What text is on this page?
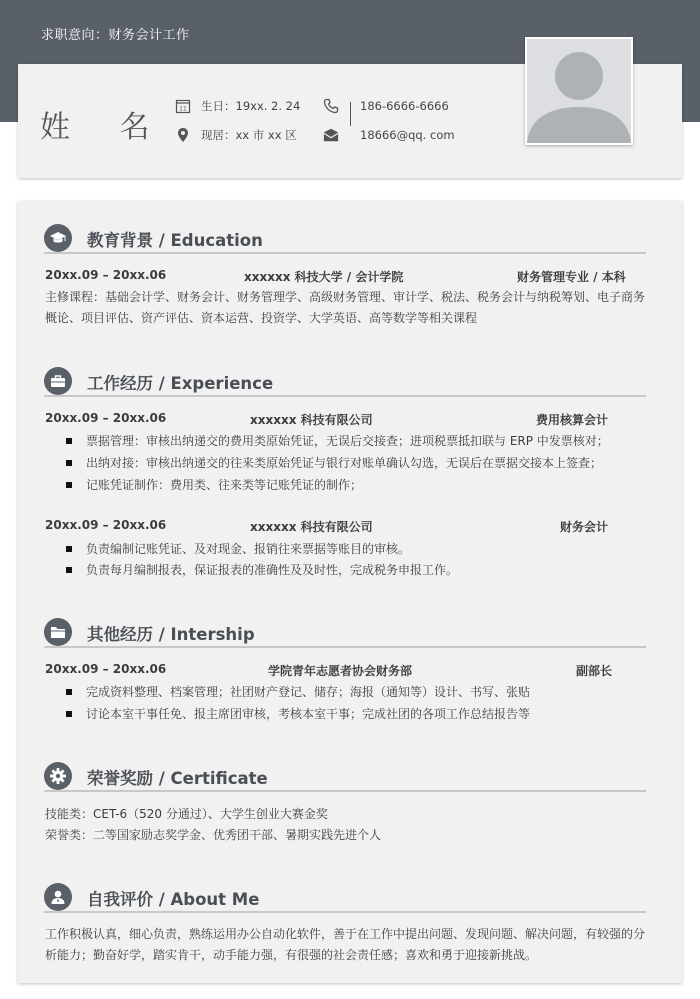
求职意向：财务会计工作
姓 名
11 生日：19xx. 2. 24
现居：xx 市 xx 区
186-6666-6666
18666@qq. com
教育背景 / Education
20xx.09 – 20xx.06	xxxxxx 科技大学 / 会计学院	财务管理专业 / 本科
主修课程：基础会计学、财务会计、财务管理学、高级财务管理、审计学、税法、税务会计与纳税筹划、电子商务概论、项目评估、资产评估、资本运营、投资学、大学英语、高等数学等相关课程
工作经历 / Experience
20xx.09 – 20xx.06	xxxxxx 科技有限公司	费用核算会计
票据管理：审核出纳递交的费用类原始凭证，无误后交接查；进项税票抵扣联与 ERP 中发票核对；
出纳对接：审核出纳递交的往来类原始凭证与银行对账单确认勾选，无误后在票据交接本上签查；
记账凭证制作：费用类、往来类等记账凭证的制作；
20xx.09 – 20xx.06	xxxxxx 科技有限公司	财务会计
负责编制记账凭证、及对现金、报销往来票据等账目的审核。
负责每月编制报表，保证报表的准确性及及时性，完成税务申报工作。
其他经历 / Intership
20xx.09 – 20xx.06	学院青年志愿者协会财务部	副部长
完成资料整理、档案管理；社团财产登记、储存；海报（通知等）设计、书写、张贴
讨论本室干事任免、报主席团审核，考核本室干事；完成社团的各项工作总结报告等
荣誉奖励 / Certificate
技能类：CET-6（520 分通过）、大学生创业大赛金奖
荣誉类：二等国家励志奖学金、优秀团干部、暑期实践先进个人
自我评价 / About Me
工作积极认真，细心负责，熟练运用办公自动化软件，善于在工作中提出问题、发现问题、解决问题，有较强的分析能力；勤奋好学，踏实肯干，动手能力强，有很强的社会责任感；喜欢和勇于迎接新挑战。
